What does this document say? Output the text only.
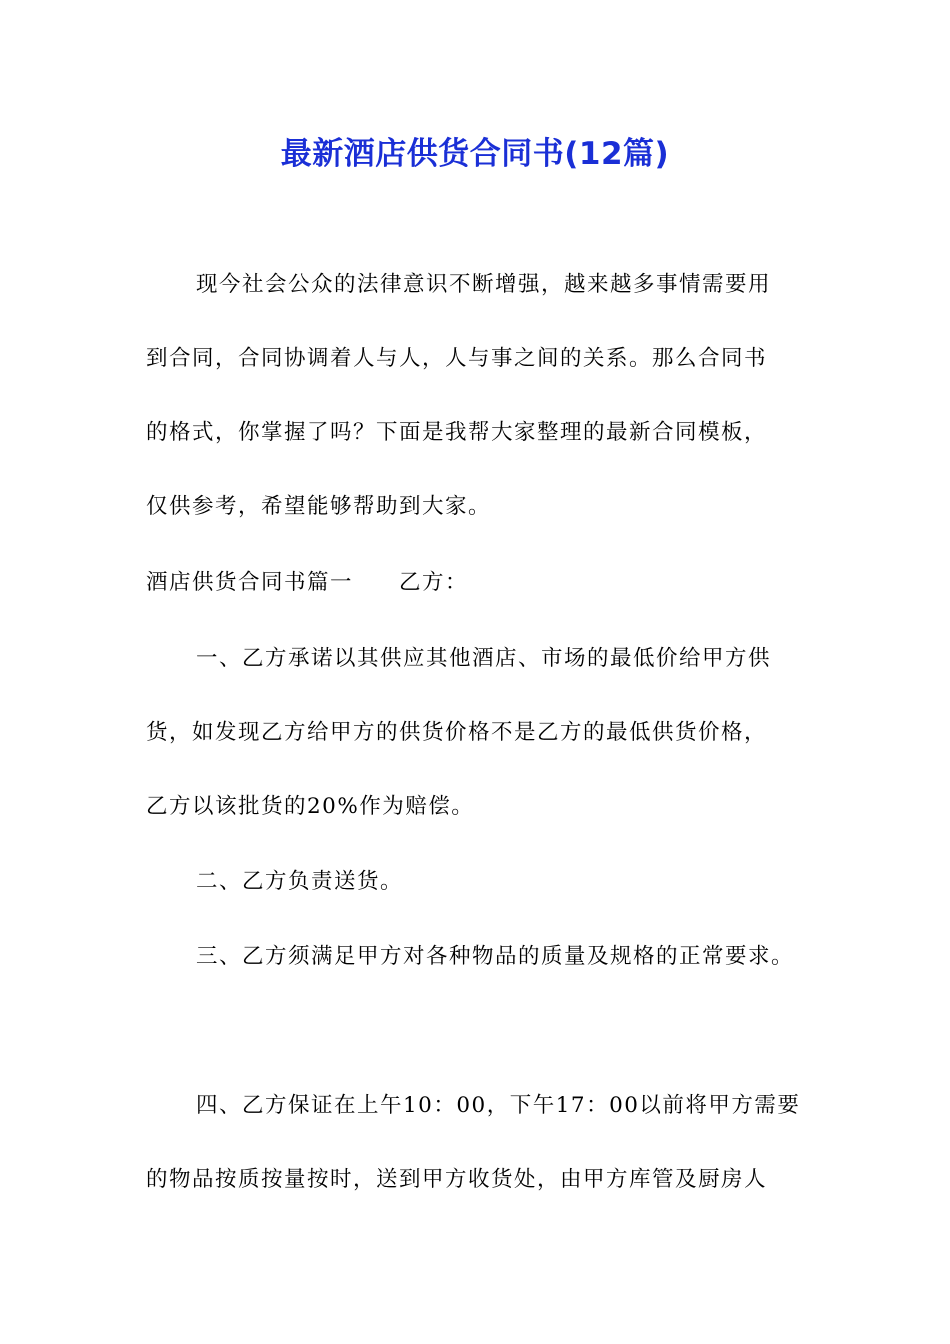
最新酒店供货合同书(12篇)
现今社会公众的法律意识不断增强，越来越多事情需要用
到合同，合同协调着人与人，人与事之间的关系。那么合同书
的格式，你掌握了吗？下面是我帮大家整理的最新合同模板，
仅供参考，希望能够帮助到大家。
酒店供货合同书篇一 乙方：
一、乙方承诺以其供应其他酒店、市场的最低价给甲方供
货，如发现乙方给甲方的供货价格不是乙方的最低供货价格，
乙方以该批货的20%作为赔偿。
二、乙方负责送货。
三、乙方须满足甲方对各种物品的质量及规格的正常要求。
四、乙方保证在上午10：00，下午17：00以前将甲方需要
的物品按质按量按时，送到甲方收货处，由甲方库管及厨房人
